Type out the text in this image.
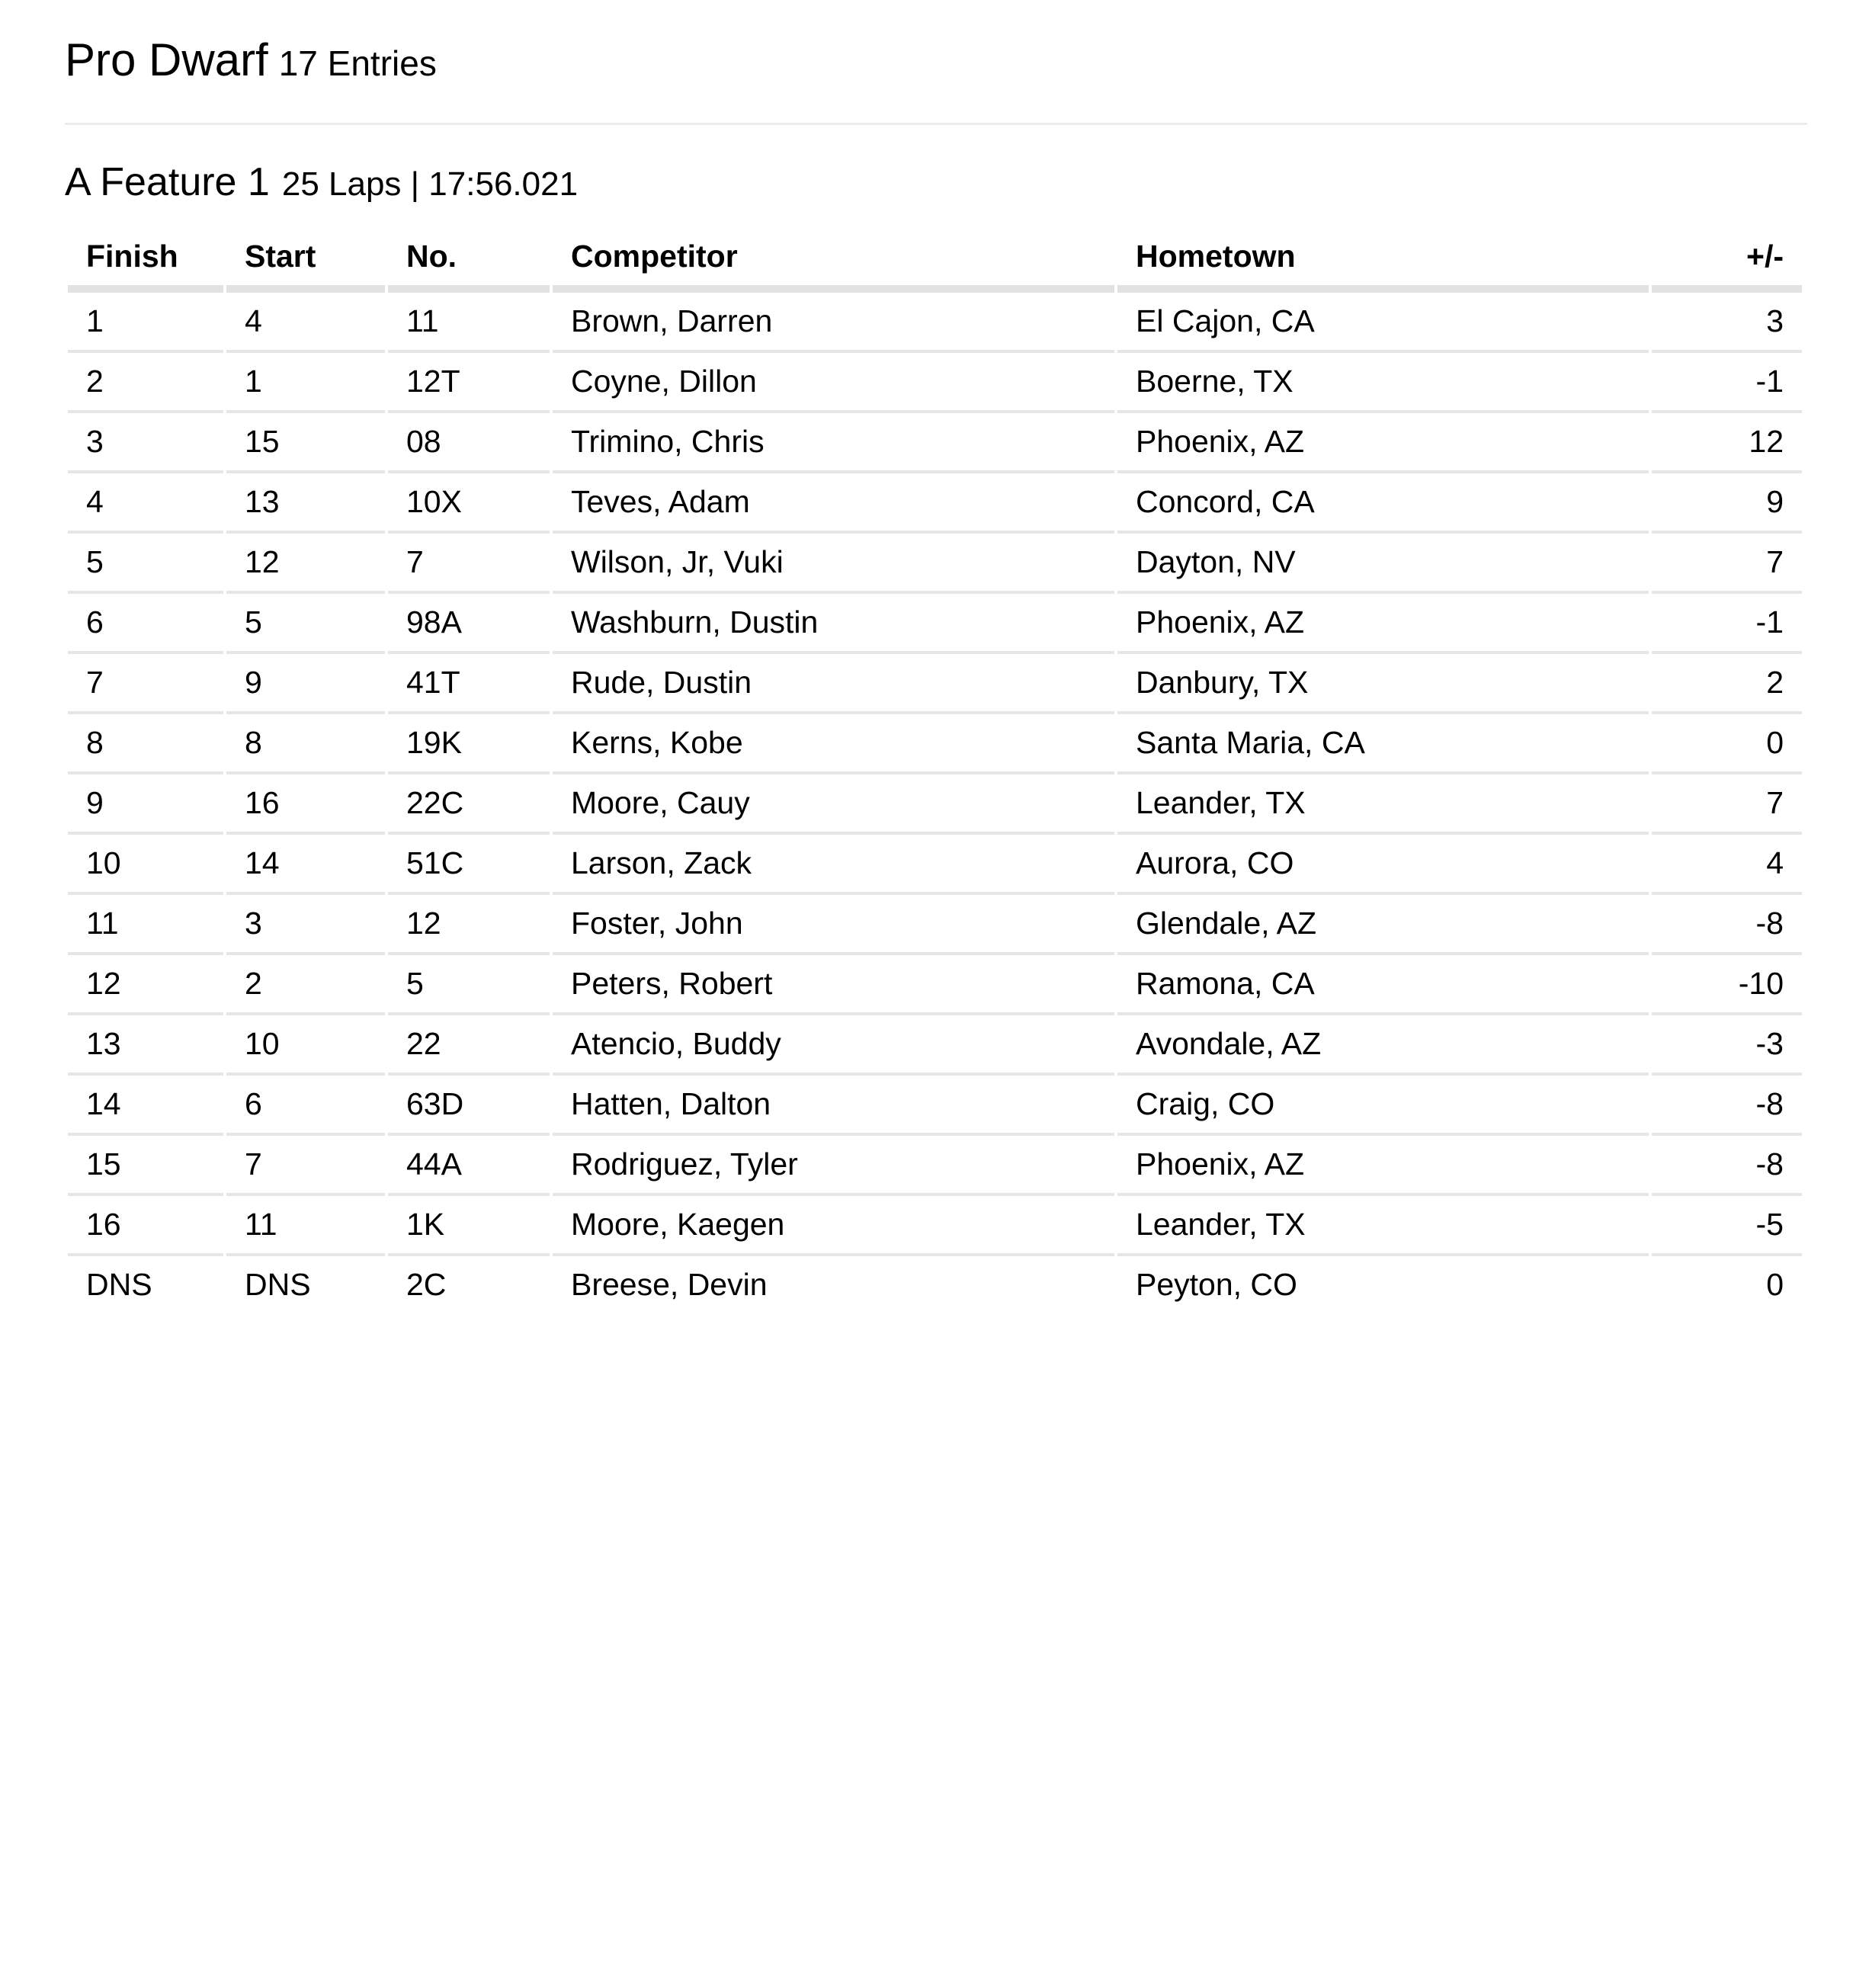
Pro Dwarf 17 Entries
A Feature 1 25 Laps | 17:56.021
Finish	Start	No.	Competitor	Hometown	+/-
1	4	11	Brown, Darren	El Cajon, CA	3
2	1	12T	Coyne, Dillon	Boerne, TX	-1
3	15	08	Trimino, Chris	Phoenix, AZ	12
4	13	10X	Teves, Adam	Concord, CA	9
5	12	7	Wilson, Jr, Vuki	Dayton, NV	7
6	5	98A	Washburn, Dustin	Phoenix, AZ	-1
7	9	41T	Rude, Dustin	Danbury, TX	2
8	8	19K	Kerns, Kobe	Santa Maria, CA	0
9	16	22C	Moore, Cauy	Leander, TX	7
10	14	51C	Larson, Zack	Aurora, CO	4
11	3	12	Foster, John	Glendale, AZ	-8
12	2	5	Peters, Robert	Ramona, CA	-10
13	10	22	Atencio, Buddy	Avondale, AZ	-3
14	6	63D	Hatten, Dalton	Craig, CO	-8
15	7	44A	Rodriguez, Tyler	Phoenix, AZ	-8
16	11	1K	Moore, Kaegen	Leander, TX	-5
DNS	DNS	2C	Breese, Devin	Peyton, CO	0
